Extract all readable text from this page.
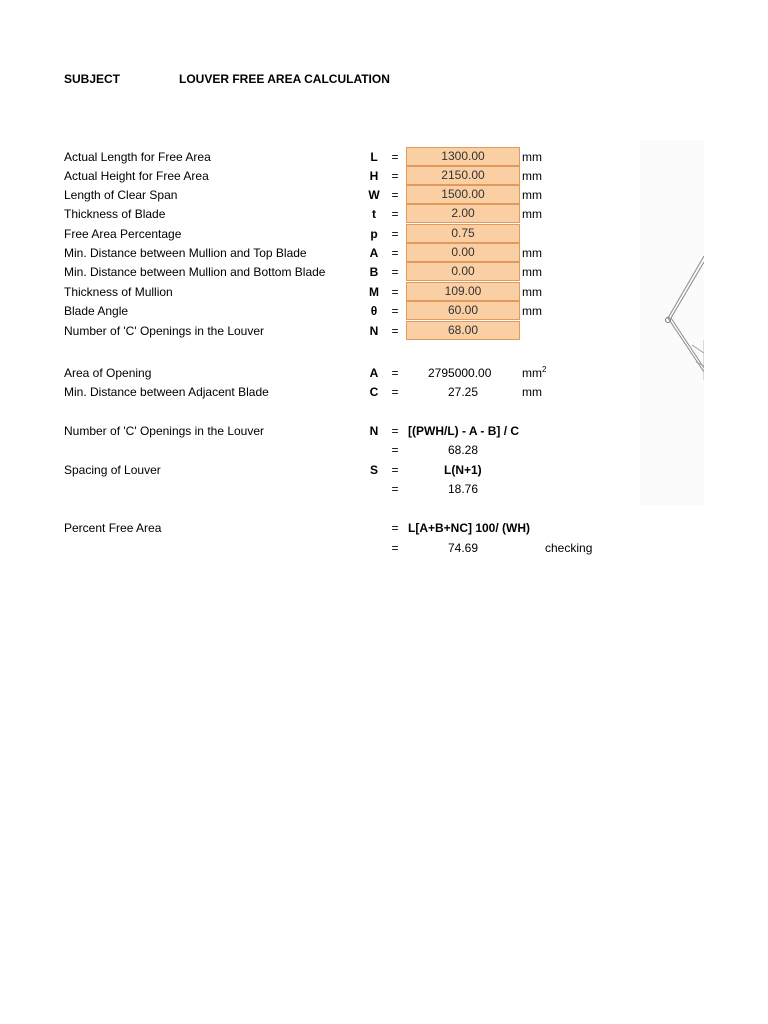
SUBJECT	LOUVER FREE AREA CALCULATION
Actual Length for Free Area	L	=	1300.00	mm
Actual Height for Free Area	H	=	2150.00	mm
Length of Clear Span	W =	1500.00	mm
Thickness of Blade	t	=	2.00	mm
Free Area Percentage	p	=	0.75
Min. Distance between Mullion and Top Blade	A	=	0.00	mm
Min. Distance between Mullion and Bottom Blade	B	=	0.00	mm
Thickness of Mullion	M =	109.00	mm
Blade Angle	θ	=	60.00	mm
Number of 'C' Openings in the Louver	N	=	68.00
Area of Opening	A	= 2795000.00	$mm^2$
Min. Distance between Adjacent Blade	C	=	27.25	mm
Number of 'C' Openings in the Louver	N	= [(PWH/L) - A - B] / C
=	68.28
Spacing of Louver	S	=	L(N+1)
=	18.76
Percent Free Area	= L[A+B+NC] 100/ (WH)
=	74.69	checking
